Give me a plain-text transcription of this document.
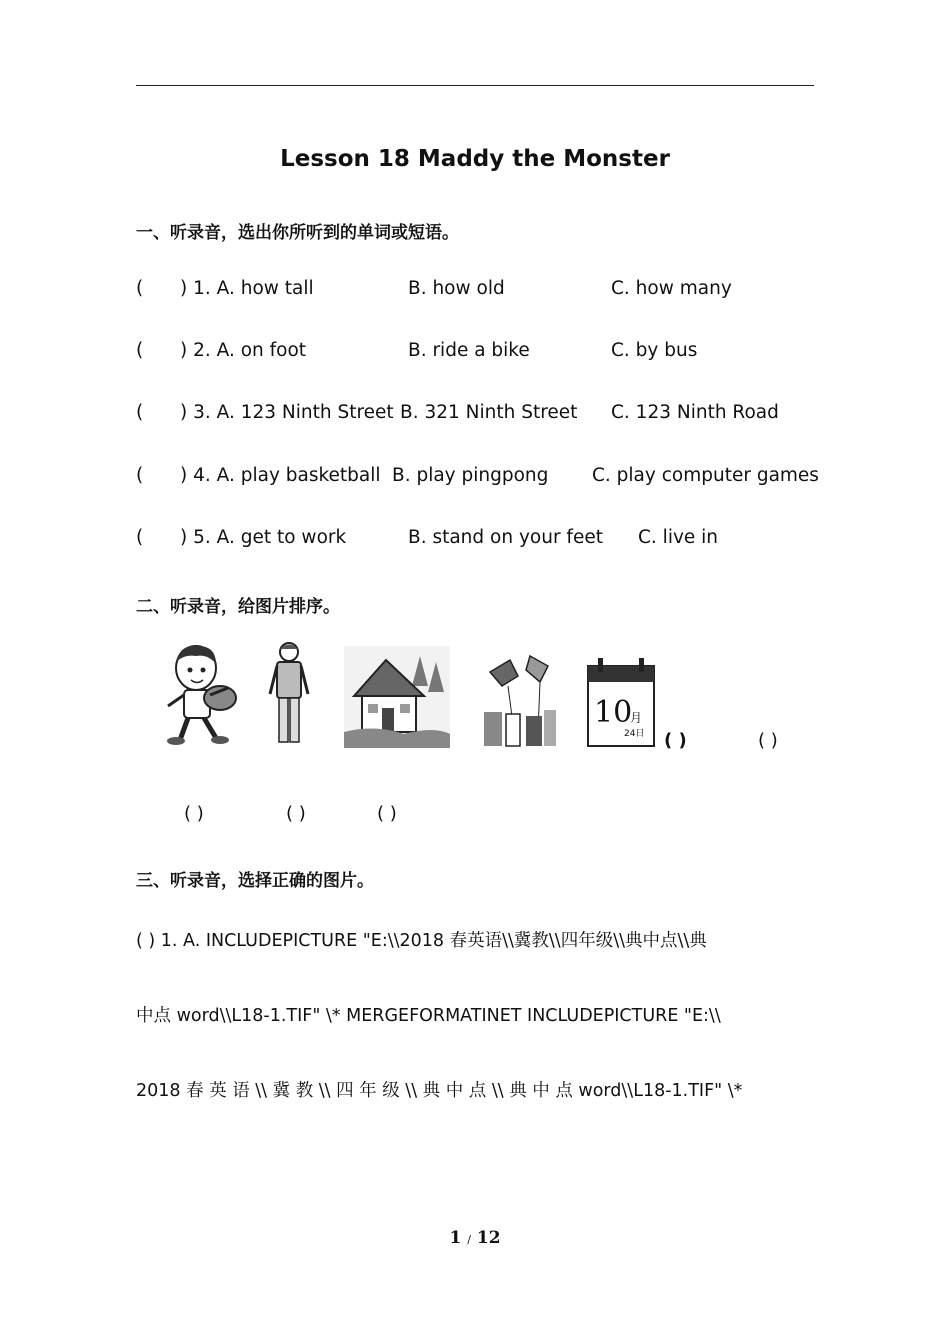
Lesson 18 Maddy the Monster
一、听录音，选出你所听到的单词或短语。
( ) 1. A. how tall	B. how old	C. how many
( ) 2. A. on foot	B. ride a bike	C. by bus
( ) 3. A. 123 Ninth Street B. 321 Ninth Street C. 123 Ninth Road
( ) 4. A. play basketball B. play pingpong C. play computer games
( ) 5. A. get to work	B. stand on your feet C. live in
二、听录音，给图片排序。
10
月
24日 ( )	( )
( )	( )	( )
三、听录音，选择正确的图片。
( ) 1. A. INCLUDEPICTURE "E:\\2018 春英语\\冀教\\四年级\\典中点\\典
中点 word\\L18-1.TIF" \* MERGEFORMATINET INCLUDEPICTURE "E:\\
2018 春 英 语 \\ 冀 教 \\ 四 年 级 \\ 典 中 点 \\ 典 中 点 word\\L18-1.TIF" \*
1 / 12
